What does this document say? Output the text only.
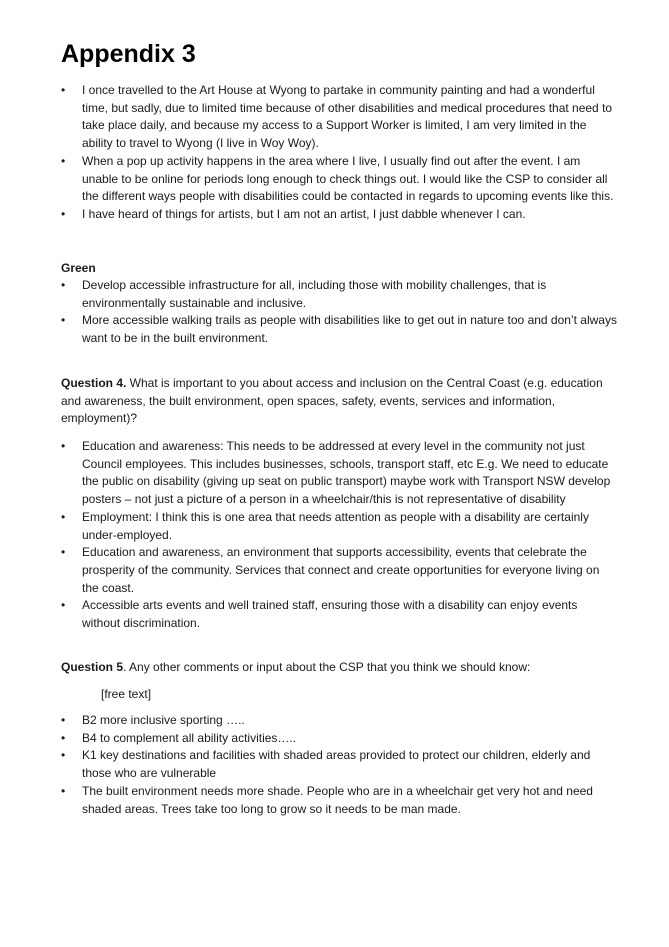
Appendix 3
• I once travelled to the Art House at Wyong to partake in community painting and had a wonderful time, but sadly, due to limited time because of other disabilities and medical procedures that need to take place daily, and because my access to a Support Worker is limited, I am very limited in the ability to travel to Wyong (I live in Woy Woy).
• When a pop up activity happens in the area where I live, I usually find out after the event. I am unable to be online for periods long enough to check things out. I would like the CSP to consider all the different ways people with disabilities could be contacted in regards to upcoming events like this.
• I have heard of things for artists, but I am not an artist, I just dabble whenever I can.

Green

• Develop accessible infrastructure for all, including those with mobility challenges, that is environmentally sustainable and inclusive.
• More accessible walking trails as people with disabilities like to get out in nature too and don’t always want to be in the built environment.

Question 4. What is important to you about access and inclusion on the Central Coast (e.g. education and awareness, the built environment, open spaces, safety, events, services and information, employment)?

• Education and awareness: This needs to be addressed at every level in the community not just Council employees. This includes businesses, schools, transport staff, etc E.g. We need to educate the public on disability (giving up seat on public transport) maybe work with Transport NSW develop posters – not just a picture of a person in a wheelchair/this is not representative of disability
• Employment: I think this is one area that needs attention as people with a disability are certainly under-employed.
• Education and awareness, an environment that supports accessibility, events that celebrate the prosperity of the community. Services that connect and create opportunities for everyone living on the coast.
• Accessible arts events and well trained staff, ensuring those with a disability can enjoy events without discrimination.

Question 5. Any other comments or input about the CSP that you think we should know:

[free text]

• B2 more inclusive sporting …..
• B4 to complement all ability activities…..
• K1 key destinations and facilities with shaded areas provided to protect our children, elderly and those who are vulnerable
• The built environment needs more shade. People who are in a wheelchair get very hot and need shaded areas. Trees take too long to grow so it needs to be man made.
